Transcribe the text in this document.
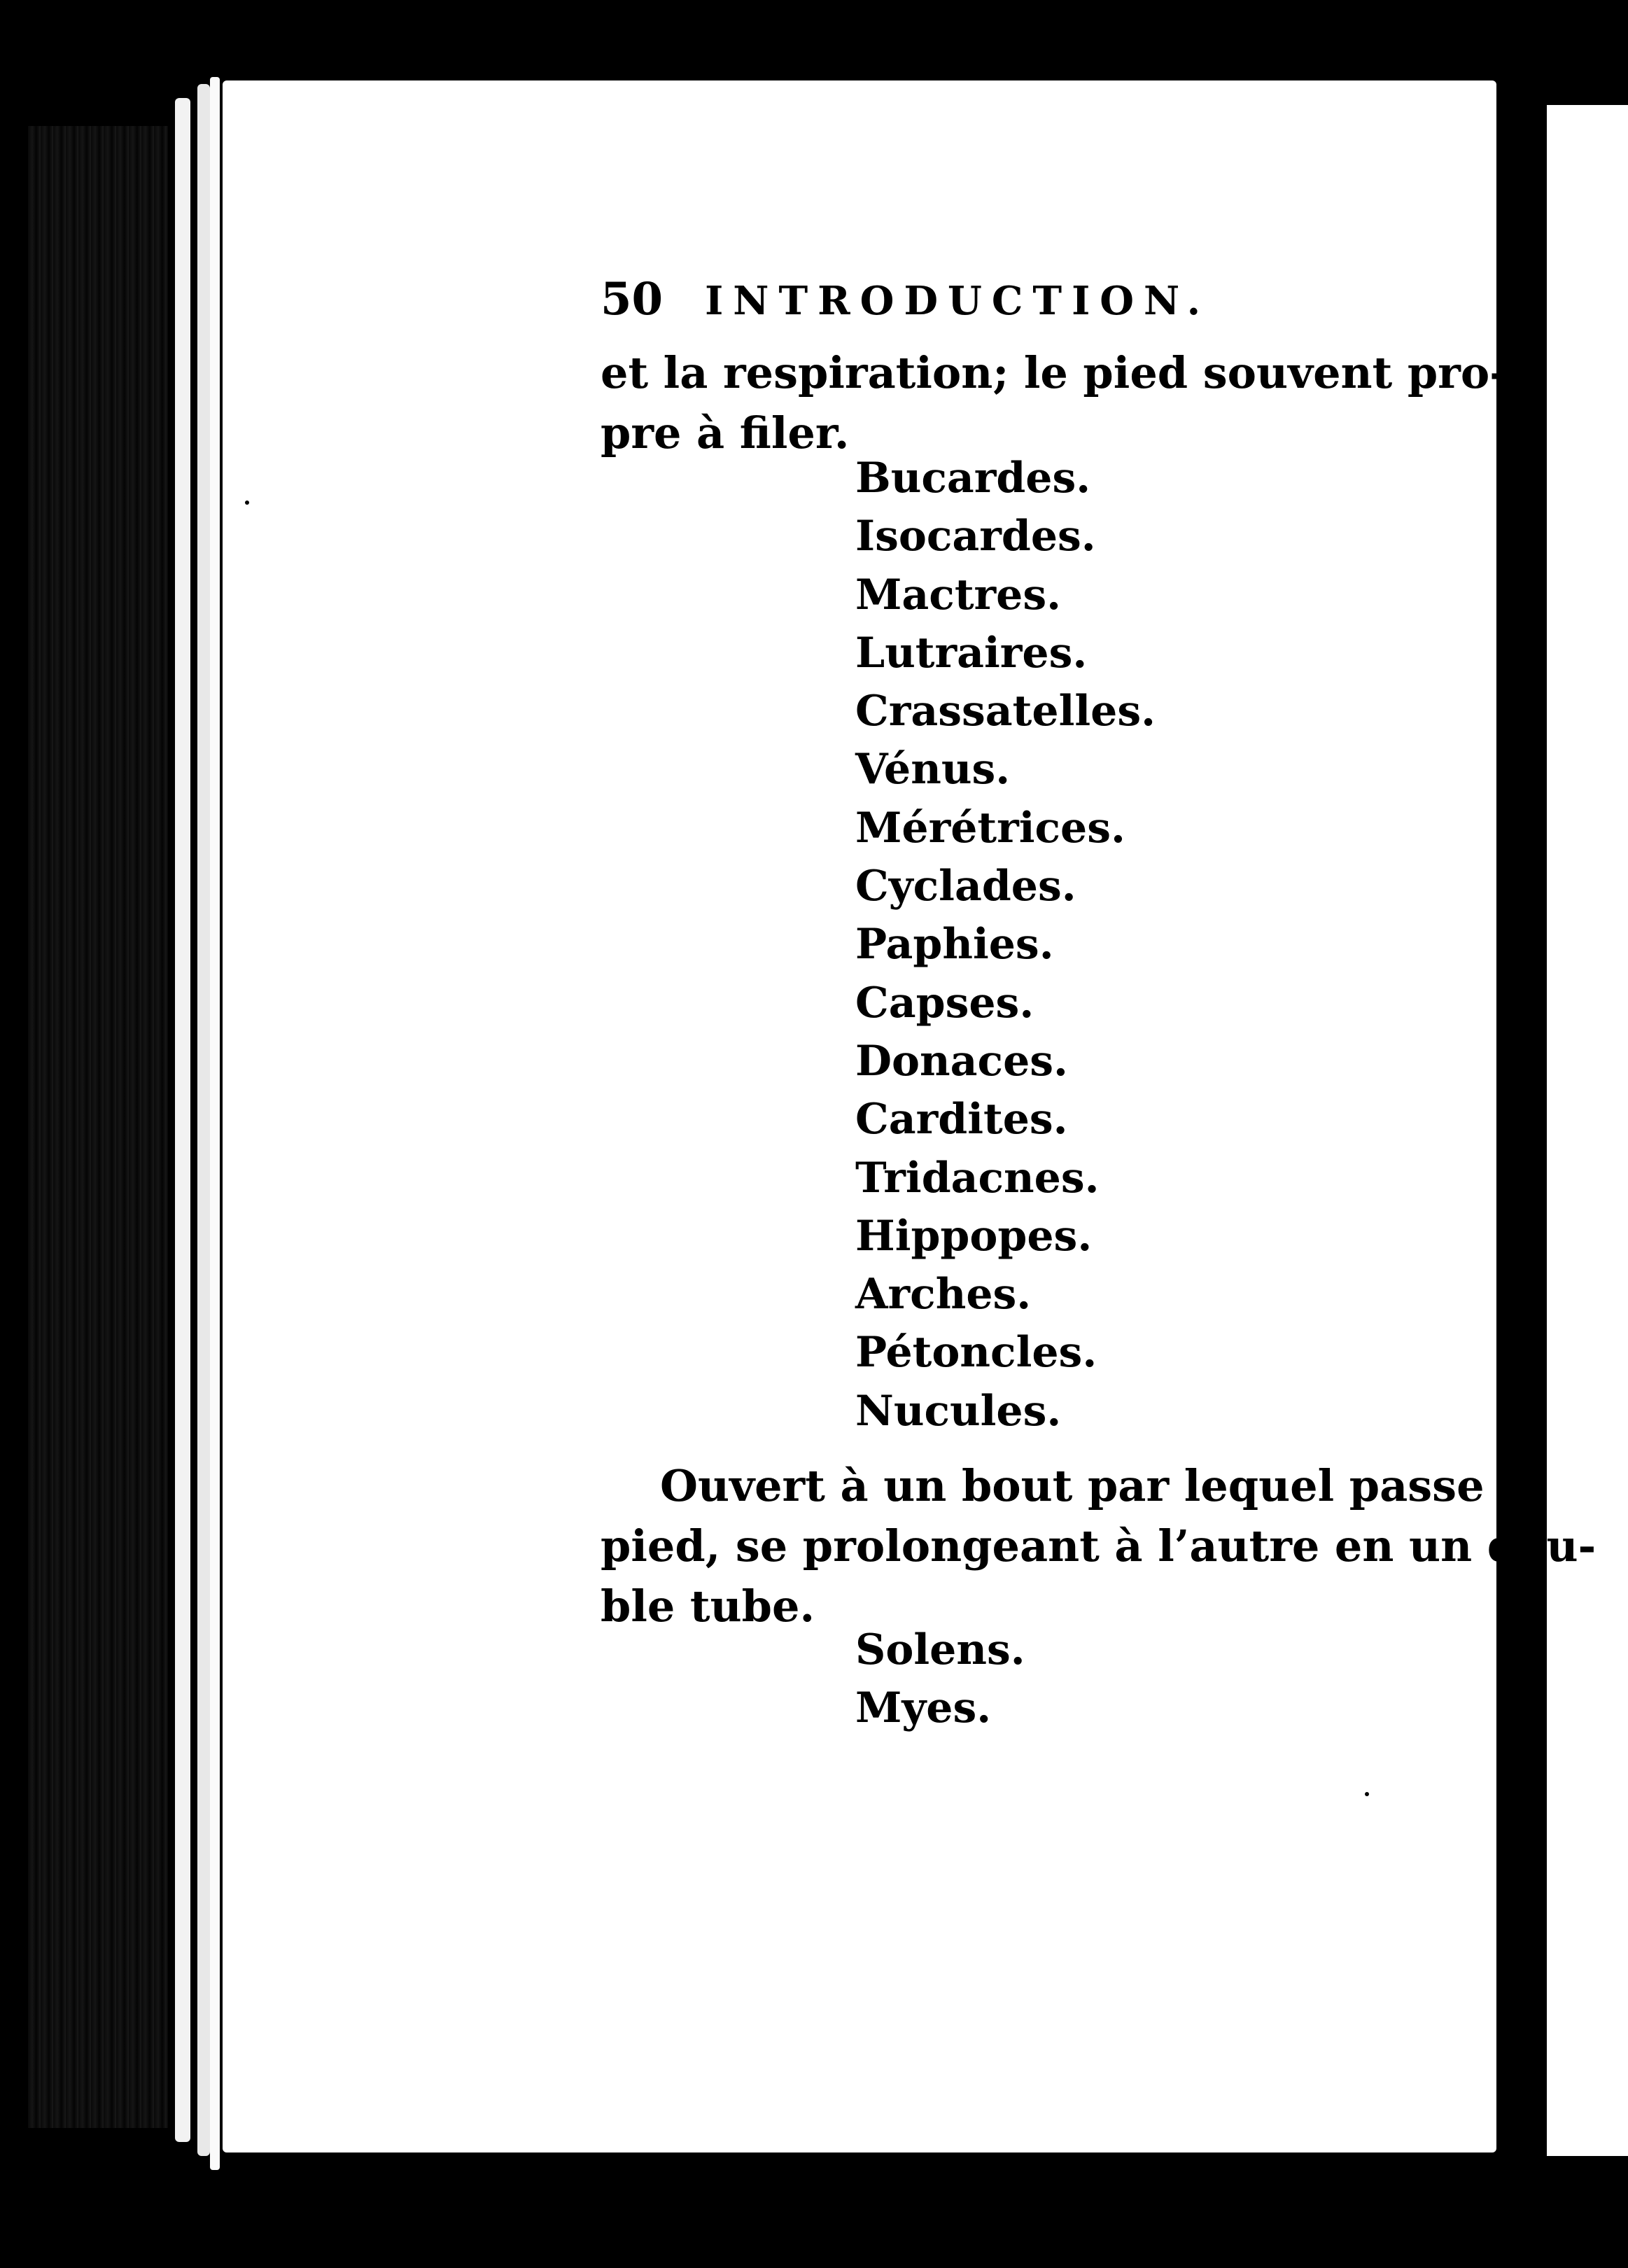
50 INTRODUCTION.
et la respiration; le pied souvent pro-
pre à filer.
Bucardes.
Isocardes.
Mactres.
Lutraires.
Crassatelles.
Vénus.
Mérétrices.
Cyclades.
Paphies.
Capses.
Donaces.
Cardites.
Tridacnes.
Hippopes.
Arches.
Pétoncles.
Nucules.
Ouvert à un bout par lequel passe le
pied, se prolongeant à l’autre en un dou-
ble tube.
Solens.
Myes.
